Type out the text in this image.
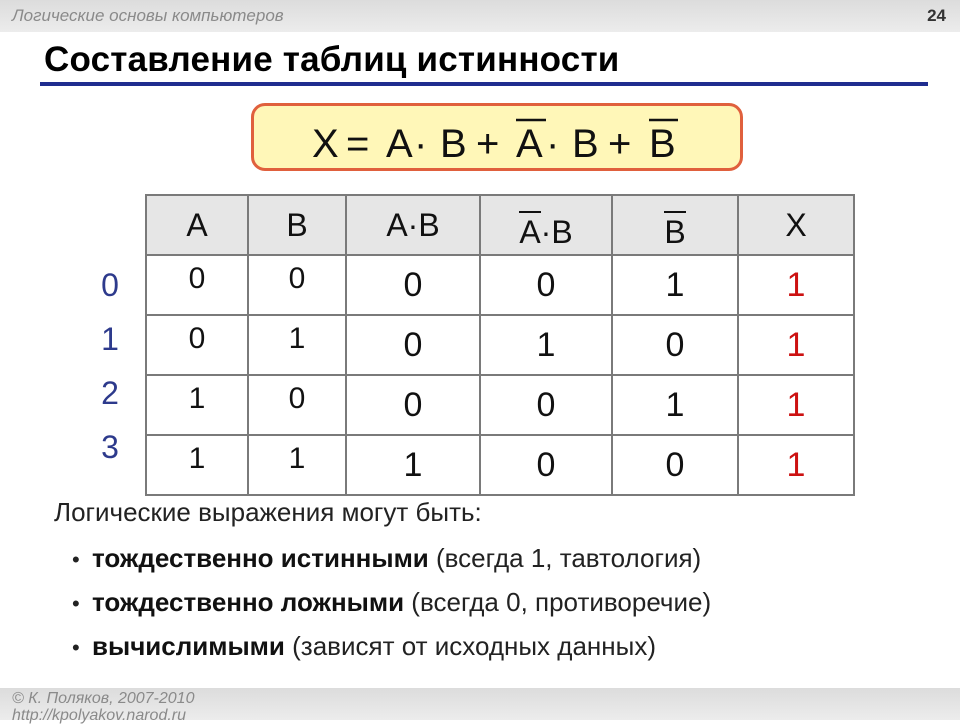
Логические основы компьютеров	24
Составление таблиц истинности
X = A · B + A · B + B
0
1
2
3
A	B	A·B	A·B	B	X
0	0	0	0	1	1
0	1	0	1	0	1
1	0	0	0	1	1
1	1	1	0	0	1
Логические выражения могут быть:
• тождественно истинными (всегда 1, тавтология)
• тождественно ложными (всегда 0, противоречие)
• вычислимыми (зависят от исходных данных)
© К. Поляков, 2007-2010
http://kpolyakov.narod.ru
